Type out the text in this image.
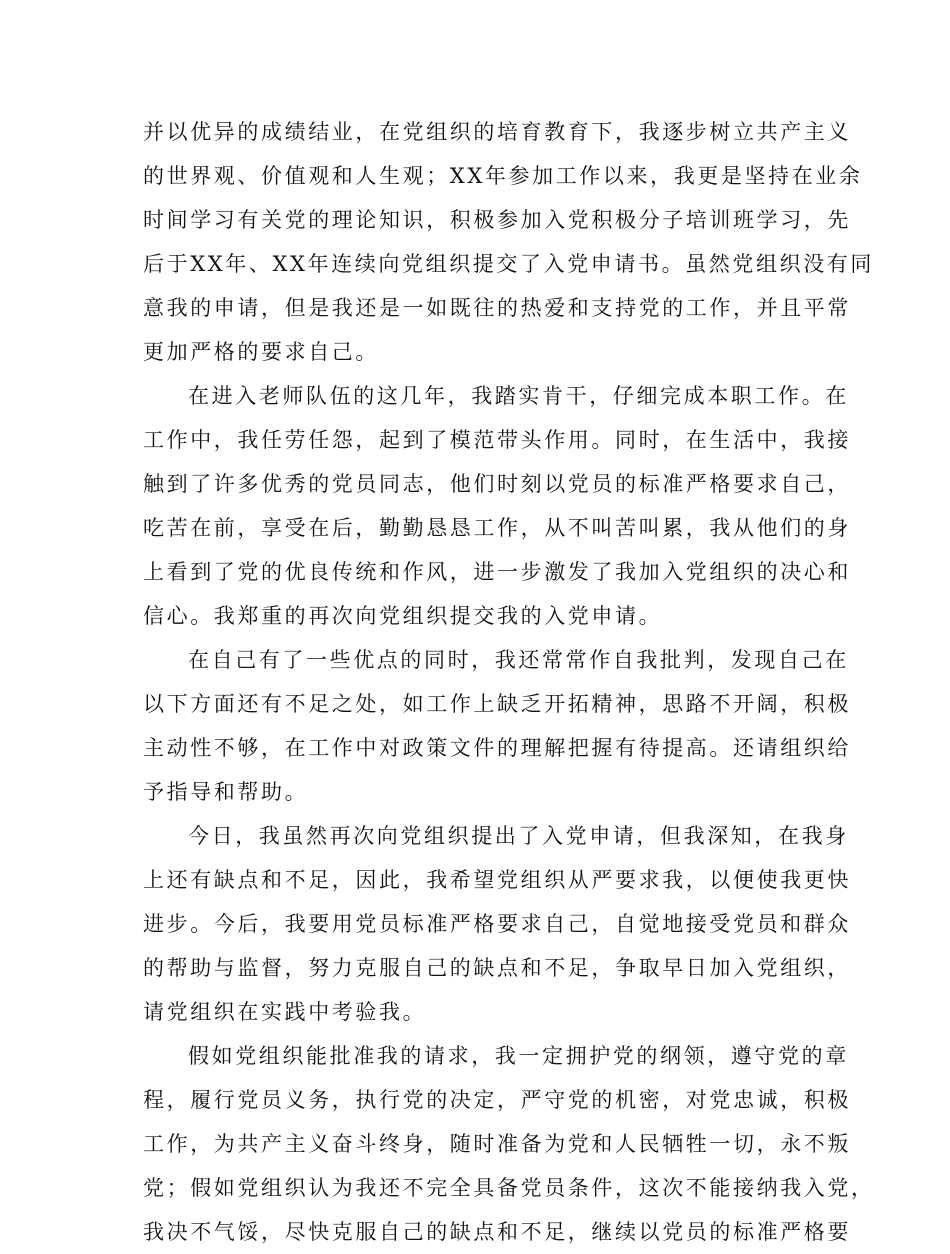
并以优异的成绩结业，在党组织的培育教育下，我逐步树立共产主义
的世界观、价值观和人生观；XX年参加工作以来，我更是坚持在业余
时间学习有关党的理论知识，积极参加入党积极分子培训班学习，先
后于XX年、XX年连续向党组织提交了入党申请书。虽然党组织没有同
意我的申请，但是我还是一如既往的热爱和支持党的工作，并且平常
更加严格的要求自己。
在进入老师队伍的这几年，我踏实肯干，仔细完成本职工作。在
工作中，我任劳任怨，起到了模范带头作用。同时，在生活中，我接
触到了许多优秀的党员同志，他们时刻以党员的标准严格要求自己，
吃苦在前，享受在后，勤勤恳恳工作，从不叫苦叫累，我从他们的身
上看到了党的优良传统和作风，进一步激发了我加入党组织的决心和
信心。我郑重的再次向党组织提交我的入党申请。
在自己有了一些优点的同时，我还常常作自我批判，发现自己在
以下方面还有不足之处，如工作上缺乏开拓精神，思路不开阔，积极
主动性不够，在工作中对政策文件的理解把握有待提高。还请组织给
予指导和帮助。
今日，我虽然再次向党组织提出了入党申请，但我深知，在我身
上还有缺点和不足，因此，我希望党组织从严要求我，以便使我更快
进步。今后，我要用党员标准严格要求自己，自觉地接受党员和群众
的帮助与监督，努力克服自己的缺点和不足，争取早日加入党组织，
请党组织在实践中考验我。
假如党组织能批准我的请求，我一定拥护党的纲领，遵守党的章
程，履行党员义务，执行党的决定，严守党的机密，对党忠诚，积极
工作，为共产主义奋斗终身，随时准备为党和人民牺牲一切，永不叛
党；假如党组织认为我还不完全具备党员条件，这次不能接纳我入党，
我决不气馁，尽快克服自己的缺点和不足，继续以党员的标准严格要
